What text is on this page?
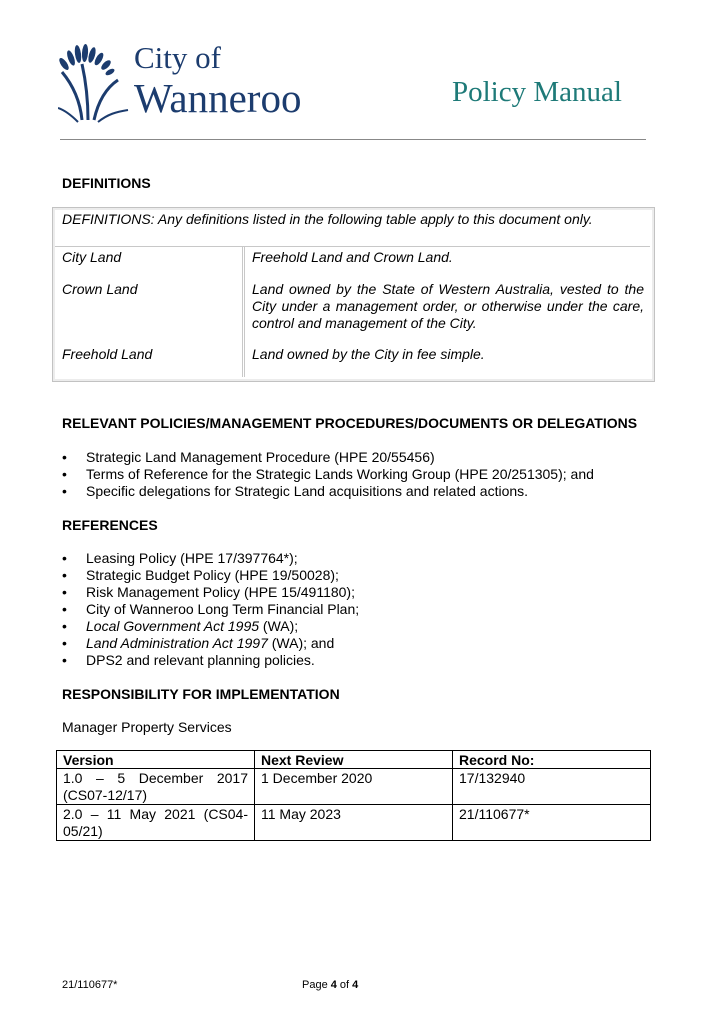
City of
Wanneroo	Policy Manual
DEFINITIONS
DEFINITIONS: Any definitions listed in the following table apply to this document only.
City Land	Freehold Land and Crown Land.
Crown Land	Land owned by the State of Western Australia, vested to the City under a management order, or otherwise under the care, control and management of the City.
Freehold Land	Land owned by the City in fee simple.
RELEVANT POLICIES/MANAGEMENT PROCEDURES/DOCUMENTS OR DELEGATIONS
• Strategic Land Management Procedure (HPE 20/55456)
• Terms of Reference for the Strategic Lands Working Group (HPE 20/251305); and
• Specific delegations for Strategic Land acquisitions and related actions.
REFERENCES
• Leasing Policy (HPE 17/397764*);
• Strategic Budget Policy (HPE 19/50028);
• Risk Management Policy (HPE 15/491180);
• City of Wanneroo Long Term Financial Plan;
• Local Government Act 1995 (WA);
• Land Administration Act 1997 (WA); and
• DPS2 and relevant planning policies.
RESPONSIBILITY FOR IMPLEMENTATION
Manager Property Services
Version	Next Review	Record No:
1.0 – 5 December 2017 (CS07-12/17)	1 December 2020	17/132940
2.0 – 11 May 2021 (CS04-05/21)	11 May 2023	21/110677*
21/110677*	Page 4 of 4
